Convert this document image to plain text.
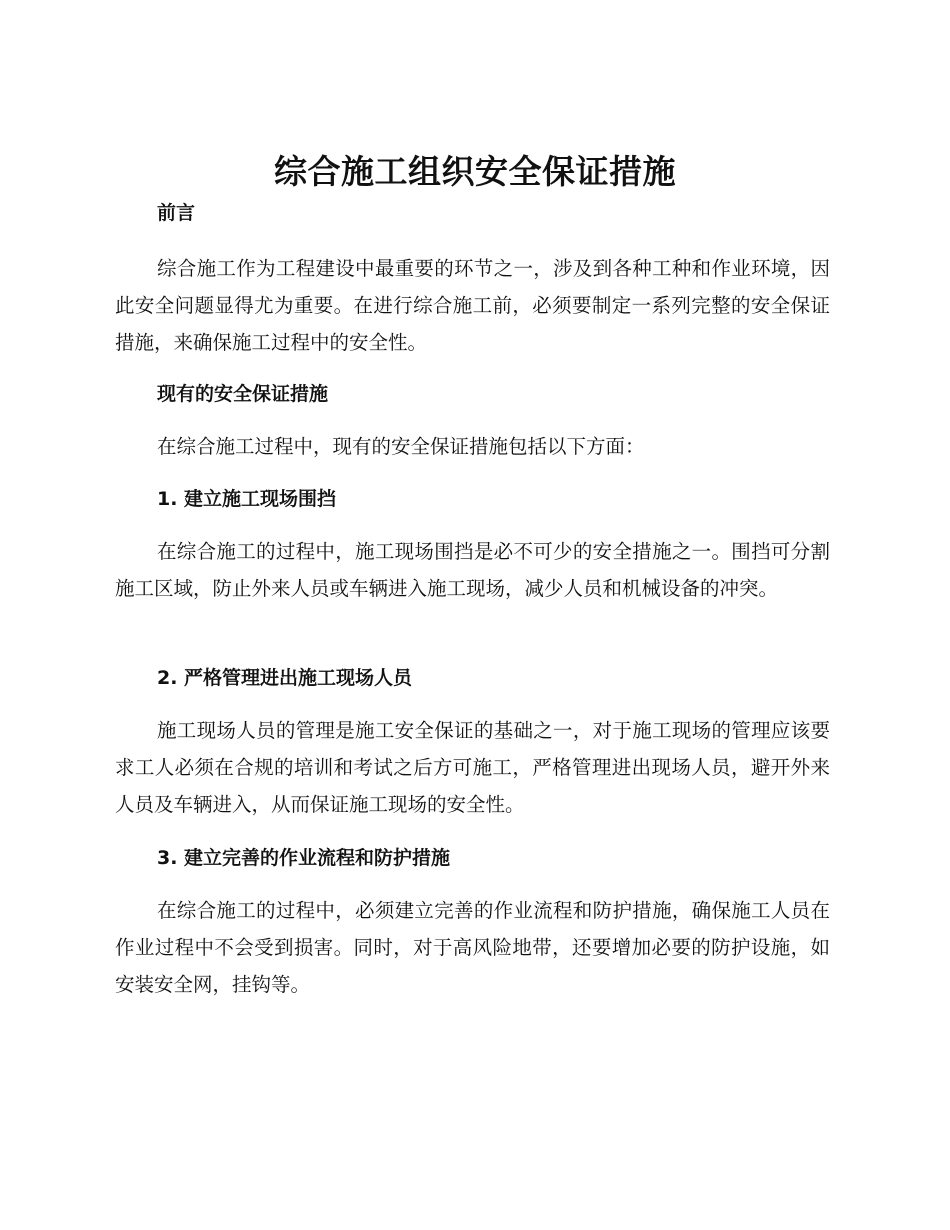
综合施工组织安全保证措施
前言

综合施工作为工程建设中最重要的环节之一，涉及到各种工种和作业环境，因此安全问题显得尤为重要。在进行综合施工前，必须要制定一系列完整的安全保证措施，来确保施工过程中的安全性。

现有的安全保证措施

在综合施工过程中，现有的安全保证措施包括以下方面：

1. 建立施工现场围挡

在综合施工的过程中，施工现场围挡是必不可少的安全措施之一。围挡可分割施工区域，防止外来人员或车辆进入施工现场，减少人员和机械设备的冲突。

2. 严格管理进出施工现场人员

施工现场人员的管理是施工安全保证的基础之一，对于施工现场的管理应该要求工人必须在合规的培训和考试之后方可施工，严格管理进出现场人员，避开外来人员及车辆进入，从而保证施工现场的安全性。

3. 建立完善的作业流程和防护措施

在综合施工的过程中，必须建立完善的作业流程和防护措施，确保施工人员在作业过程中不会受到损害。同时，对于高风险地带，还要增加必要的防护设施，如安装安全网，挂钩等。
